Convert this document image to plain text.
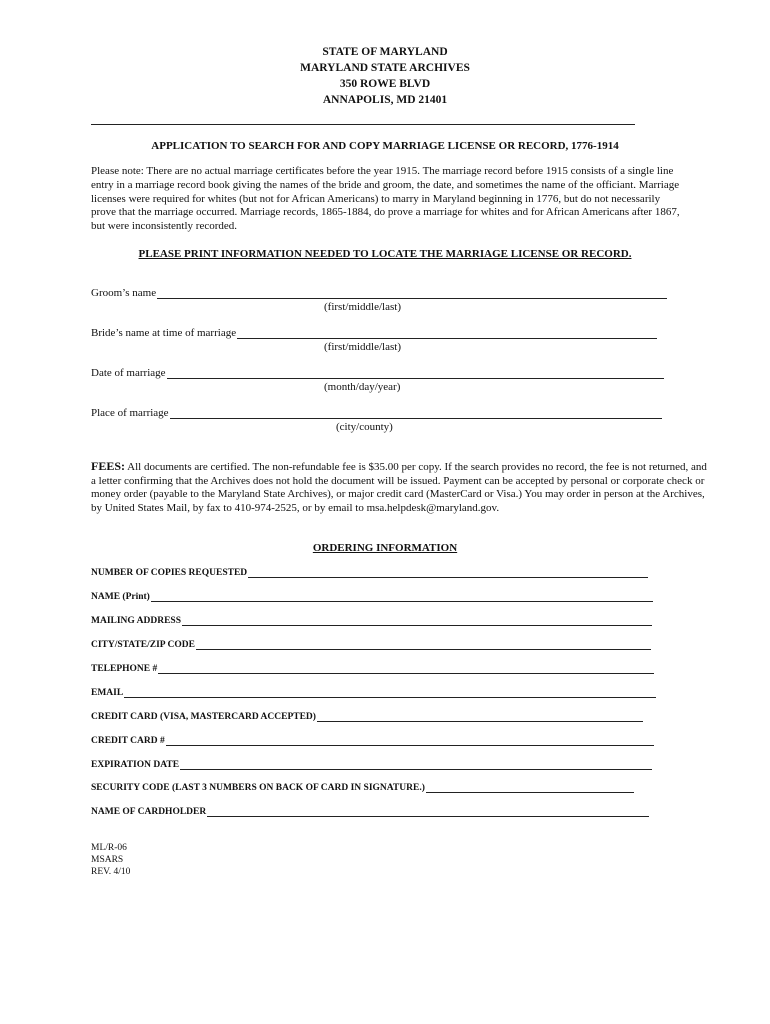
STATE OF MARYLAND
MARYLAND STATE ARCHIVES
350 ROWE BLVD
ANNAPOLIS, MD 21401
APPLICATION TO SEARCH FOR AND COPY MARRIAGE LICENSE OR RECORD, 1776-1914
Please note: There are no actual marriage certificates before the year 1915. The marriage record before 1915 consists of a single line entry in a marriage record book giving the names of the bride and groom, the date, and sometimes the name of the officiant. Marriage licenses were required for whites (but not for African Americans) to marry in Maryland beginning in 1776, but do not necessarily prove that the marriage occurred. Marriage records, 1865-1884, do prove a marriage for whites and for African Americans after 1867, but were inconsistently recorded.
PLEASE PRINT INFORMATION NEEDED TO LOCATE THE MARRIAGE LICENSE OR RECORD.
Groom’s name
(first/middle/last)
Bride’s name at time of marriage
(first/middle/last)
Date of marriage
(month/day/year)
Place of marriage
(city/county)
FEES: All documents are certified. The non-refundable fee is $35.00 per copy. If the search provides no record, the fee is not returned, and a letter confirming that the Archives does not hold the document will be issued. Payment can be accepted by personal or corporate check or money order (payable to the Maryland State Archives), or major credit card (MasterCard or Visa.) You may order in person at the Archives, by United States Mail, by fax to 410-974-2525, or by email to msa.helpdesk@maryland.gov.
ORDERING INFORMATION
NUMBER OF COPIES REQUESTED
NAME (Print)
MAILING ADDRESS
CITY/STATE/ZIP CODE
TELEPHONE #
EMAIL
CREDIT CARD (VISA, MASTERCARD ACCEPTED)
CREDIT CARD #
EXPIRATION DATE
SECURITY CODE (LAST 3 NUMBERS ON BACK OF CARD IN SIGNATURE.)
NAME OF CARDHOLDER
ML/R-06
MSARS
REV. 4/10
